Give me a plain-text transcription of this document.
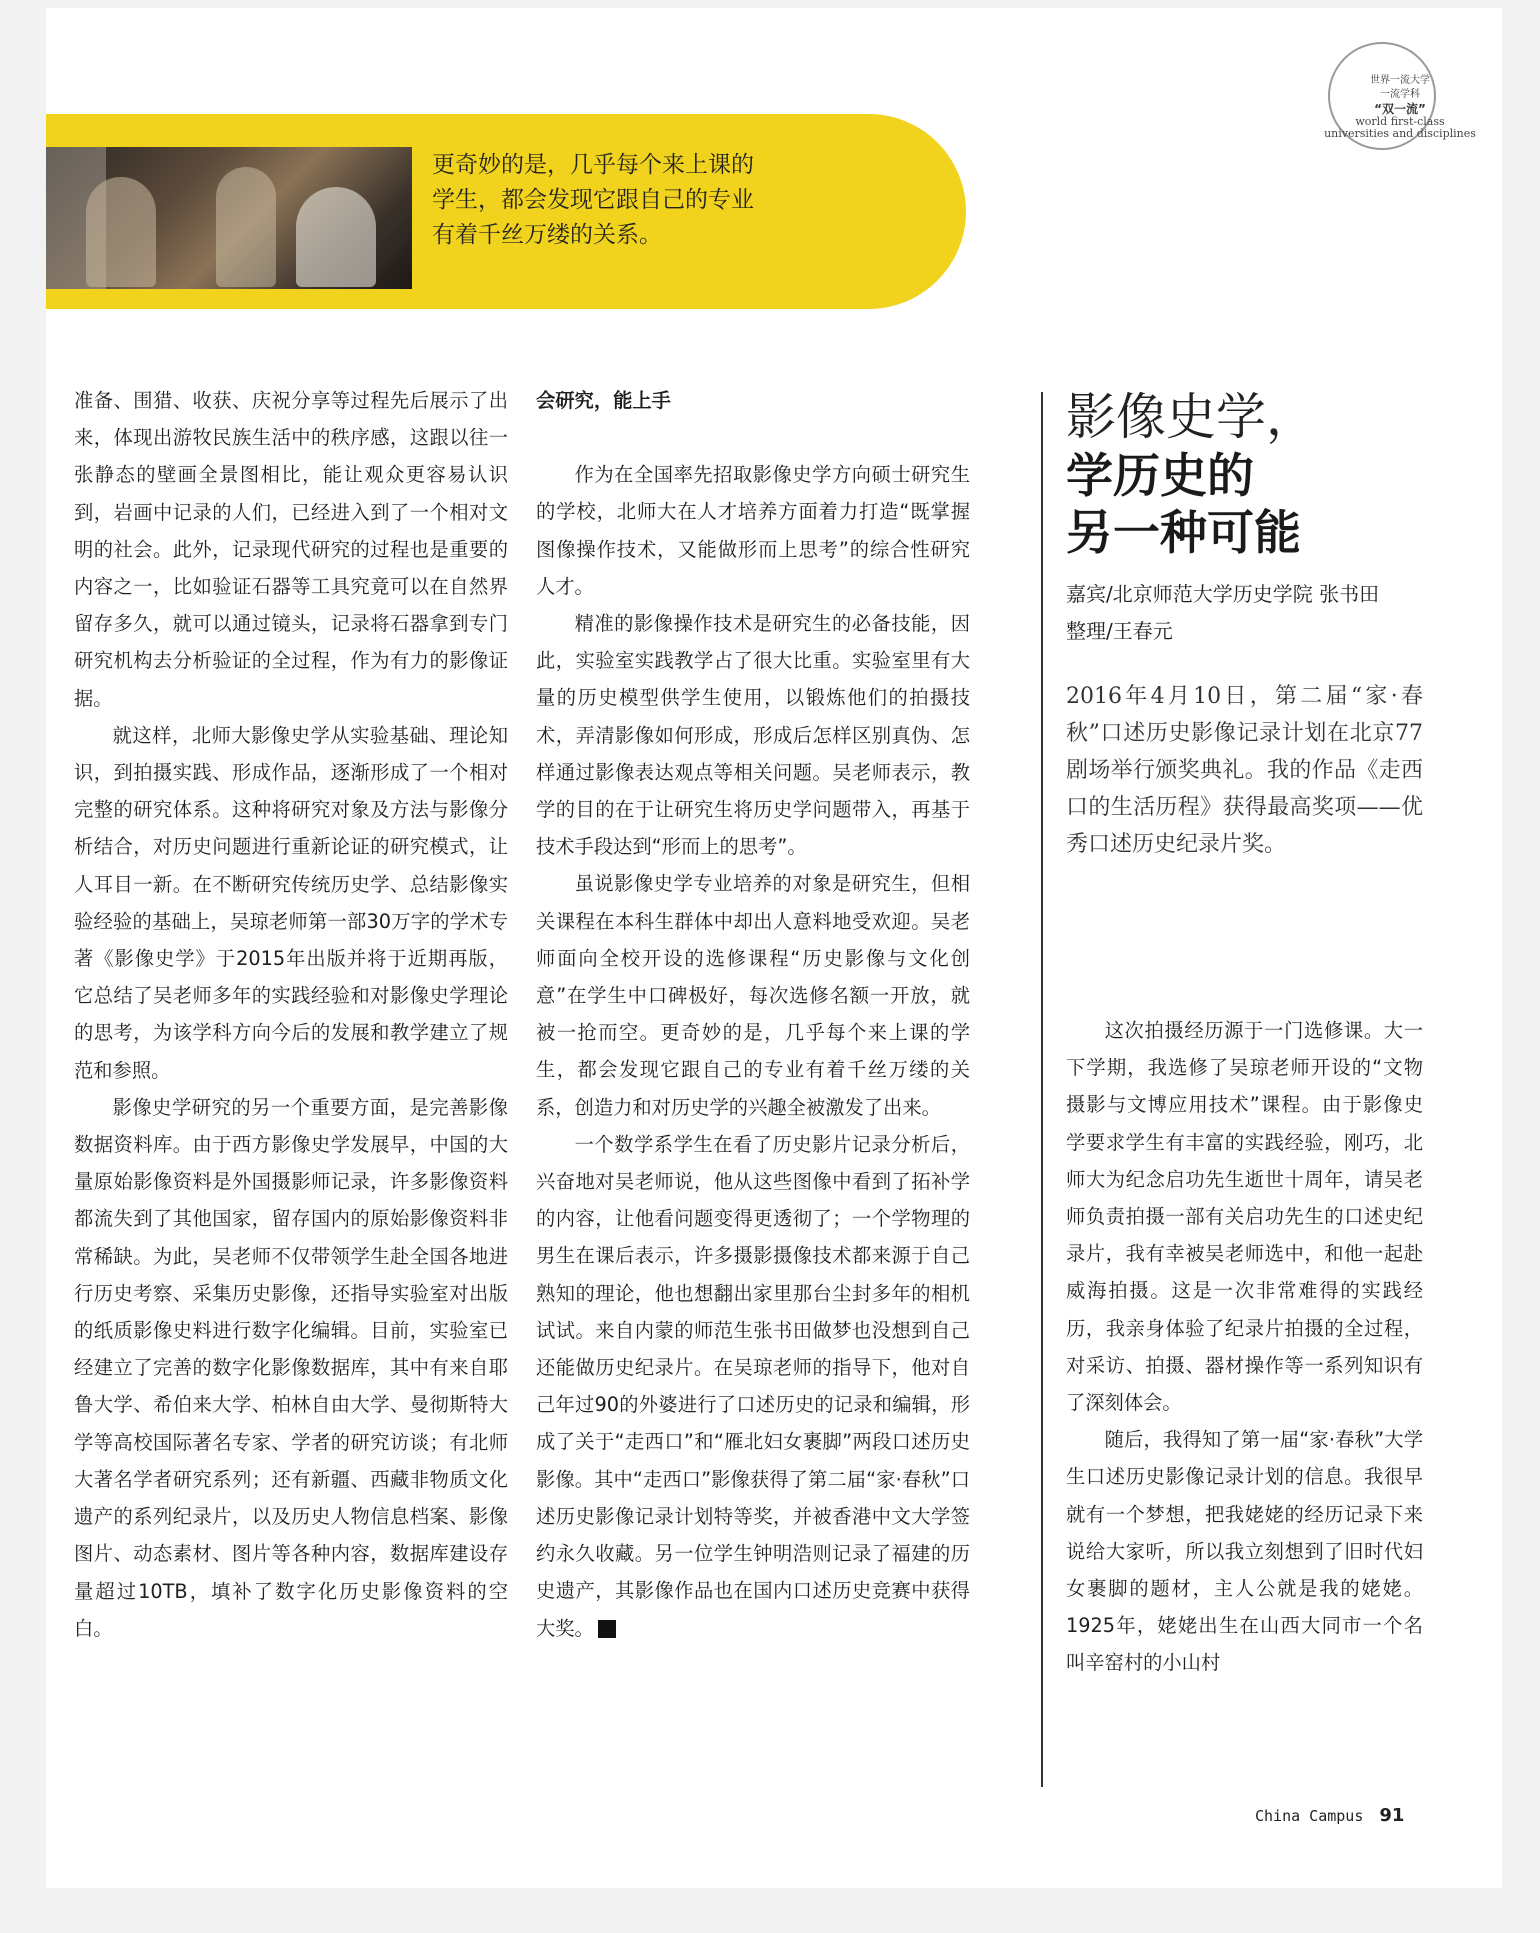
世界一流大学
一流学科
“双一流”
world first-class
universities and disciplines
更奇妙的是，几乎每个来上课的学生，都会发现它跟自己的专业有着千丝万缕的关系。

准备、围猎、收获、庆祝分享等过程先后展示了出来，体现出游牧民族生活中的秩序感，这跟以往一张静态的壁画全景图相比，能让观众更容易认识到，岩画中记录的人们，已经进入到了一个相对文明的社会。此外，记录现代研究的过程也是重要的内容之一，比如验证石器等工具究竟可以在自然界留存多久，就可以通过镜头，记录将石器拿到专门研究机构去分析验证的全过程，作为有力的影像证据。

就这样，北师大影像史学从实验基础、理论知识，到拍摄实践、形成作品，逐渐形成了一个相对完整的研究体系。这种将研究对象及方法与影像分析结合，对历史问题进行重新论证的研究模式，让人耳目一新。在不断研究传统历史学、总结影像实验经验的基础上，吴琼老师第一部30万字的学术专著《影像史学》于2015年出版并将于近期再版，它总结了吴老师多年的实践经验和对影像史学理论的思考，为该学科方向今后的发展和教学建立了规范和参照。

影像史学研究的另一个重要方面，是完善影像数据资料库。由于西方影像史学发展早，中国的大量原始影像资料是外国摄影师记录，许多影像资料都流失到了其他国家，留存国内的原始影像资料非常稀缺。为此，吴老师不仅带领学生赴全国各地进行历史考察、采集历史影像，还指导实验室对出版的纸质影像史料进行数字化编辑。目前，实验室已经建立了完善的数字化影像数据库，其中有来自耶鲁大学、希伯来大学、柏林自由大学、曼彻斯特大学等高校国际著名专家、学者的研究访谈；有北师大著名学者研究系列；还有新疆、西藏非物质文化遗产的系列纪录片，以及历史人物信息档案、影像图片、动态素材、图片等各种内容，数据库建设存量超过10TB，填补了数字化历史影像资料的空白。

会研究，能上手

作为在全国率先招取影像史学方向硕士研究生的学校，北师大在人才培养方面着力打造“既掌握图像操作技术，又能做形而上思考”的综合性研究人才。

精准的影像操作技术是研究生的必备技能，因此，实验室实践教学占了很大比重。实验室里有大量的历史模型供学生使用，以锻炼他们的拍摄技术，弄清影像如何形成，形成后怎样区别真伪、怎样通过影像表达观点等相关问题。吴老师表示，教学的目的在于让研究生将历史学问题带入，再基于技术手段达到“形而上的思考”。

虽说影像史学专业培养的对象是研究生，但相关课程在本科生群体中却出人意料地受欢迎。吴老师面向全校开设的选修课程“历史影像与文化创意”在学生中口碑极好，每次选修名额一开放，就被一抢而空。更奇妙的是，几乎每个来上课的学生，都会发现它跟自己的专业有着千丝万缕的关系，创造力和对历史学的兴趣全被激发了出来。

一个数学系学生在看了历史影片记录分析后，兴奋地对吴老师说，他从这些图像中看到了拓补学的内容，让他看问题变得更透彻了；一个学物理的男生在课后表示，许多摄影摄像技术都来源于自己熟知的理论，他也想翻出家里那台尘封多年的相机试试。来自内蒙的师范生张书田做梦也没想到自己还能做历史纪录片。在吴琼老师的指导下，他对自己年过90的外婆进行了口述历史的记录和编辑，形成了关于“走西口”和“雁北妇女裹脚”两段口述历史影像。其中“走西口”影像获得了第二届“家·春秋”口述历史影像记录计划特等奖，并被香港中文大学签约永久收藏。另一位学生钟明浩则记录了福建的历史遗产，其影像作品也在国内口述历史竞赛中获得大奖。	C

影像史学，
学历史的
另一种可能
嘉宾/北京师范大学历史学院 张书田
整理/王春元
2016年4月10日，第二届“家·春秋”口述历史影像记录计划在北京77剧场举行颁奖典礼。我的作品《走西口的生活历程》获得最高奖项——优秀口述历史纪录片奖。

这次拍摄经历源于一门选修课。大一下学期，我选修了吴琼老师开设的“文物摄影与文博应用技术”课程。由于影像史学要求学生有丰富的实践经验，刚巧，北师大为纪念启功先生逝世十周年，请吴老师负责拍摄一部有关启功先生的口述史纪录片，我有幸被吴老师选中，和他一起赴威海拍摄。这是一次非常难得的实践经历，我亲身体验了纪录片拍摄的全过程，对采访、拍摄、器材操作等一系列知识有了深刻体会。

随后，我得知了第一届“家·春秋”大学生口述历史影像记录计划的信息。我很早就有一个梦想，把我姥姥的经历记录下来说给大家听，所以我立刻想到了旧时代妇女裹脚的题材，主人公就是我的姥姥。1925年，姥姥出生在山西大同市一个名叫辛窑村的小山村

China Campus 91
